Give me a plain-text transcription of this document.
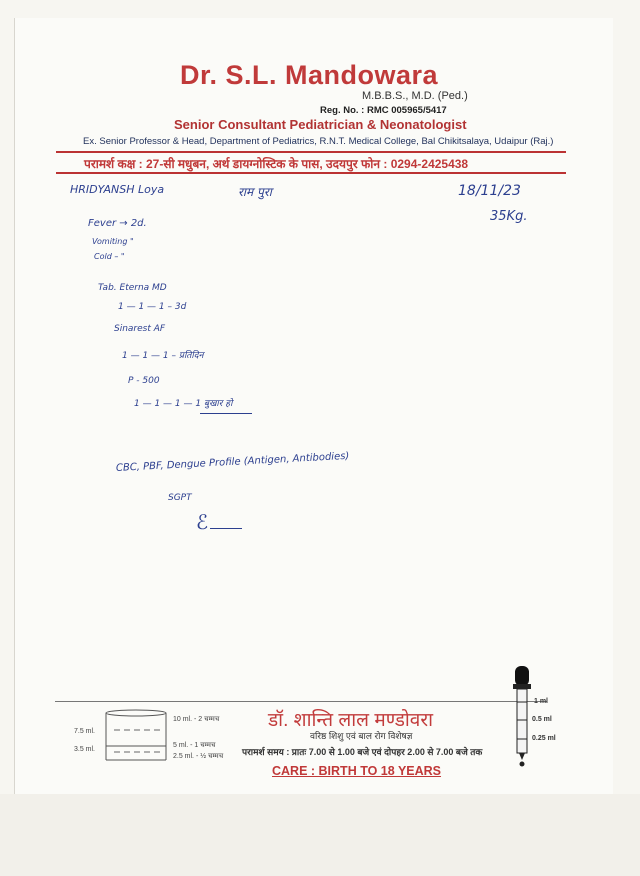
Dr. S.L. Mandowara
M.B.B.S., M.D. (Ped.)
Reg. No. : RMC 005965/5417
Senior Consultant Pediatrician & Neonatologist
Ex. Senior Professor & Head, Department of Pediatrics, R.N.T. Medical College, Bal Chikitsalaya, Udaipur (Raj.)
परामर्श कक्ष : 27-सी मधुबन, अर्थ डायग्नोस्टिक के पास, उदयपुर फोन : 0294-2425438
HRIDYANSH Loya	राम पुरा	18/11/23
35Kg.
Fever → 2d.
Vomiting "
Cold – "
Tab. Eterna MD
1 — 1 — 1 – 3d
Sinarest AF
1 — 1 — 1 – प्रतिदिन
P - 500
1 — 1 — 1 — 1 बुखार हो
CBC, PBF, Dengue Profile (Antigen, Antibodies)
SGPT
ℰ
7.5 ml.
3.5 ml.
10 ml. - 2 चम्मच
5 ml. - 1 चम्मच
2.5 ml. - ½ चम्मच
डॉ. शान्ति लाल मण्डोवरा
वरिष्ठ शिशु एवं बाल रोग विशेषज्ञ
परामर्श समय : प्रातः 7.00 से 1.00 बजे एवं दोपहर 2.00 से 7.00 बजे तक
CARE : BIRTH TO 18 YEARS
1 ml
0.5 ml
0.25 ml
